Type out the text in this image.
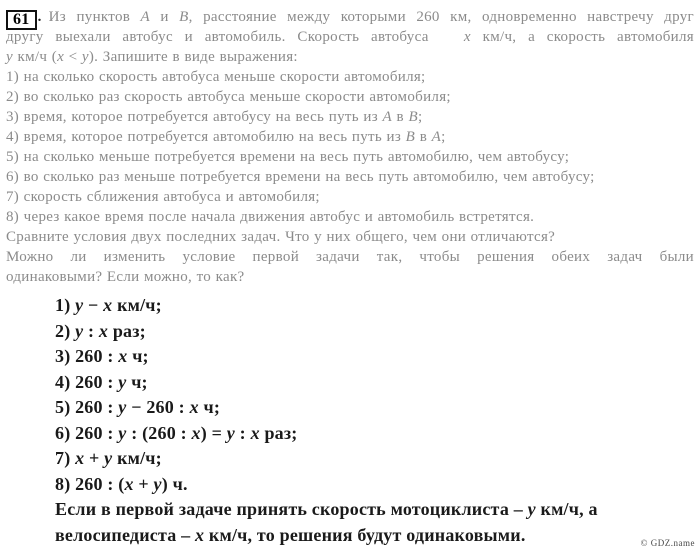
61 . Из пунктов A и B, расстояние между которыми 260 км, одновременно навстречу друг
другу выехали автобус и автомобиль. Скорость автобуса   x км/ч, а скорость автомобиля
y км/ч (x < y). Запишите в виде выражения:
1) на сколько скорость автобуса меньше скорости автомобиля;
2) во сколько раз скорость автобуса меньше скорости автомобиля;
3) время, которое потребуется автобусу на весь путь из A в B;
4) время, которое потребуется автомобилю на весь путь из B в A;
5) на сколько меньше потребуется времени на весь путь автомобилю, чем автобусу;
6) во сколько раз меньше потребуется времени на весь путь автомобилю, чем автобусу;
7) скорость сближения автобуса и автомобиля;
8) через какое время после начала движения автобус и автомобиль встретятся.
Сравните условия двух последних задач. Что у них общего, чем они отличаются?
Можно ли изменить условие первой задачи так, чтобы решения обеих задач были
одинаковыми? Если можно, то как?
1) y − x км/ч;
2) y : x раз;
3) 260 : x ч;
4) 260 : y ч;
5) 260 : y − 260 : x ч;
6) 260 : y : (260 : x) = y : x раз;
7) x + y км/ч;
8) 260 : (x + y) ч.
Если в первой задаче принять скорость мотоциклиста – y км/ч, а
велосипедиста – x км/ч, то решения будут одинаковыми.	© GDZ.name
